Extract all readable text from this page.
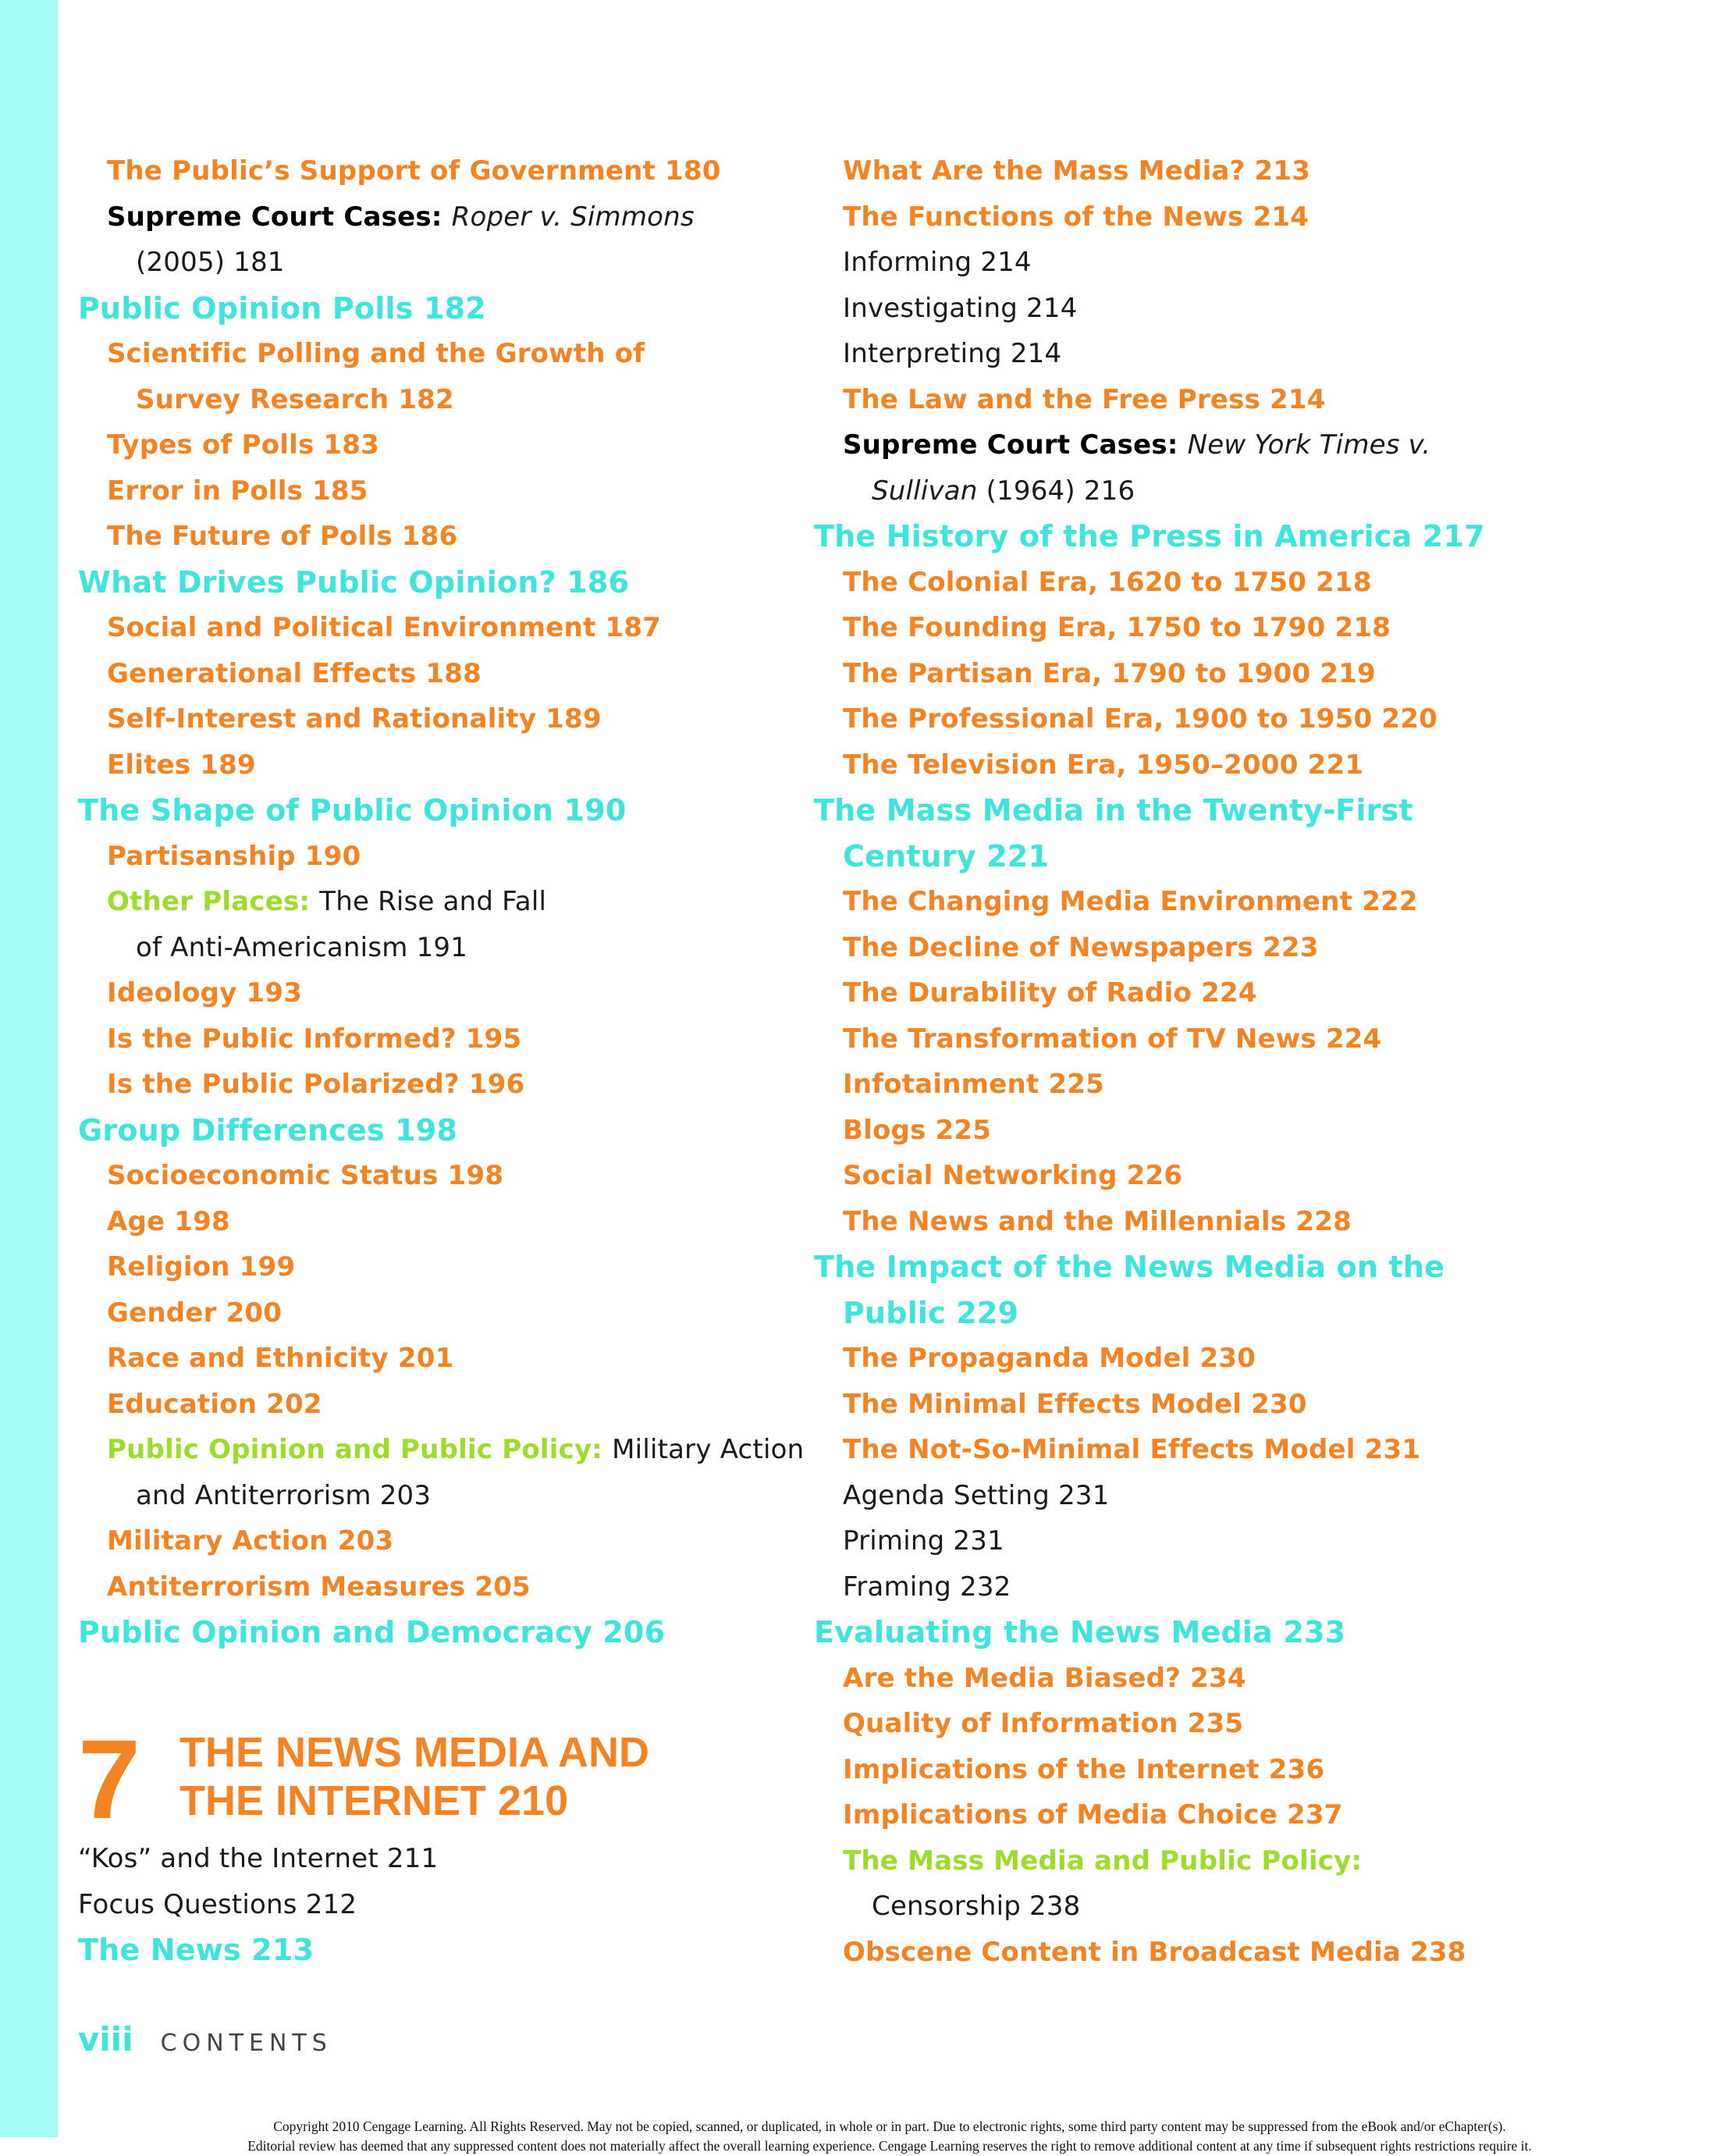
The Public’s Support of Government 180
Supreme Court Cases: Roper v. Simmons
(2005) 181
Public Opinion Polls 182
Scientific Polling and the Growth of
Survey Research 182
Types of Polls 183
Error in Polls 185
The Future of Polls 186
What Drives Public Opinion? 186
Social and Political Environment 187
Generational Effects 188
Self-Interest and Rationality 189
Elites 189
The Shape of Public Opinion 190
Partisanship 190
Other Places: The Rise and Fall
of Anti-Americanism 191
Ideology 193
Is the Public Informed? 195
Is the Public Polarized? 196
Group Differences 198
Socioeconomic Status 198
Age 198
Religion 199
Gender 200
Race and Ethnicity 201
Education 202
Public Opinion and Public Policy: Military Action
and Antiterrorism 203
Military Action 203
Antiterrorism Measures 205
Public Opinion and Democracy 206
What Are the Mass Media? 213
The Functions of the News 214
Informing 214
Investigating 214
Interpreting 214
The Law and the Free Press 214
Supreme Court Cases: New York Times v.
Sullivan (1964) 216
The History of the Press in America 217
The Colonial Era, 1620 to 1750 218
The Founding Era, 1750 to 1790 218
The Partisan Era, 1790 to 1900 219
The Professional Era, 1900 to 1950 220
The Television Era, 1950–2000 221
The Mass Media in the Twenty-First
Century 221
The Changing Media Environment 222
The Decline of Newspapers 223
The Durability of Radio 224
The Transformation of TV News 224
Infotainment 225
Blogs 225
Social Networking 226
The News and the Millennials 228
The Impact of the News Media on the
Public 229
The Propaganda Model 230
The Minimal Effects Model 230
The Not-So-Minimal Effects Model 231
Agenda Setting 231
Priming 231
Framing 232
Evaluating the News Media 233
Are the Media Biased? 234
Quality of Information 235
Implications of the Internet 236
Implications of Media Choice 237
The Mass Media and Public Policy:
Censorship 238
Obscene Content in Broadcast Media 238
7 THE NEWS MEDIA AND
THE INTERNET 210
“Kos” and the Internet 211
Focus Questions 212
The News 213
viii CONTENTS
Copyright 2010 Cengage Learning. All Rights Reserved. May not be copied, scanned, or duplicated, in whole or in part. Due to electronic rights, some third party content may be suppressed from the eBook and/or eChapter(s).
Editorial review has deemed that any suppressed content does not materially affect the overall learning experience. Cengage Learning reserves the right to remove additional content at any time if subsequent rights restrictions require it.
